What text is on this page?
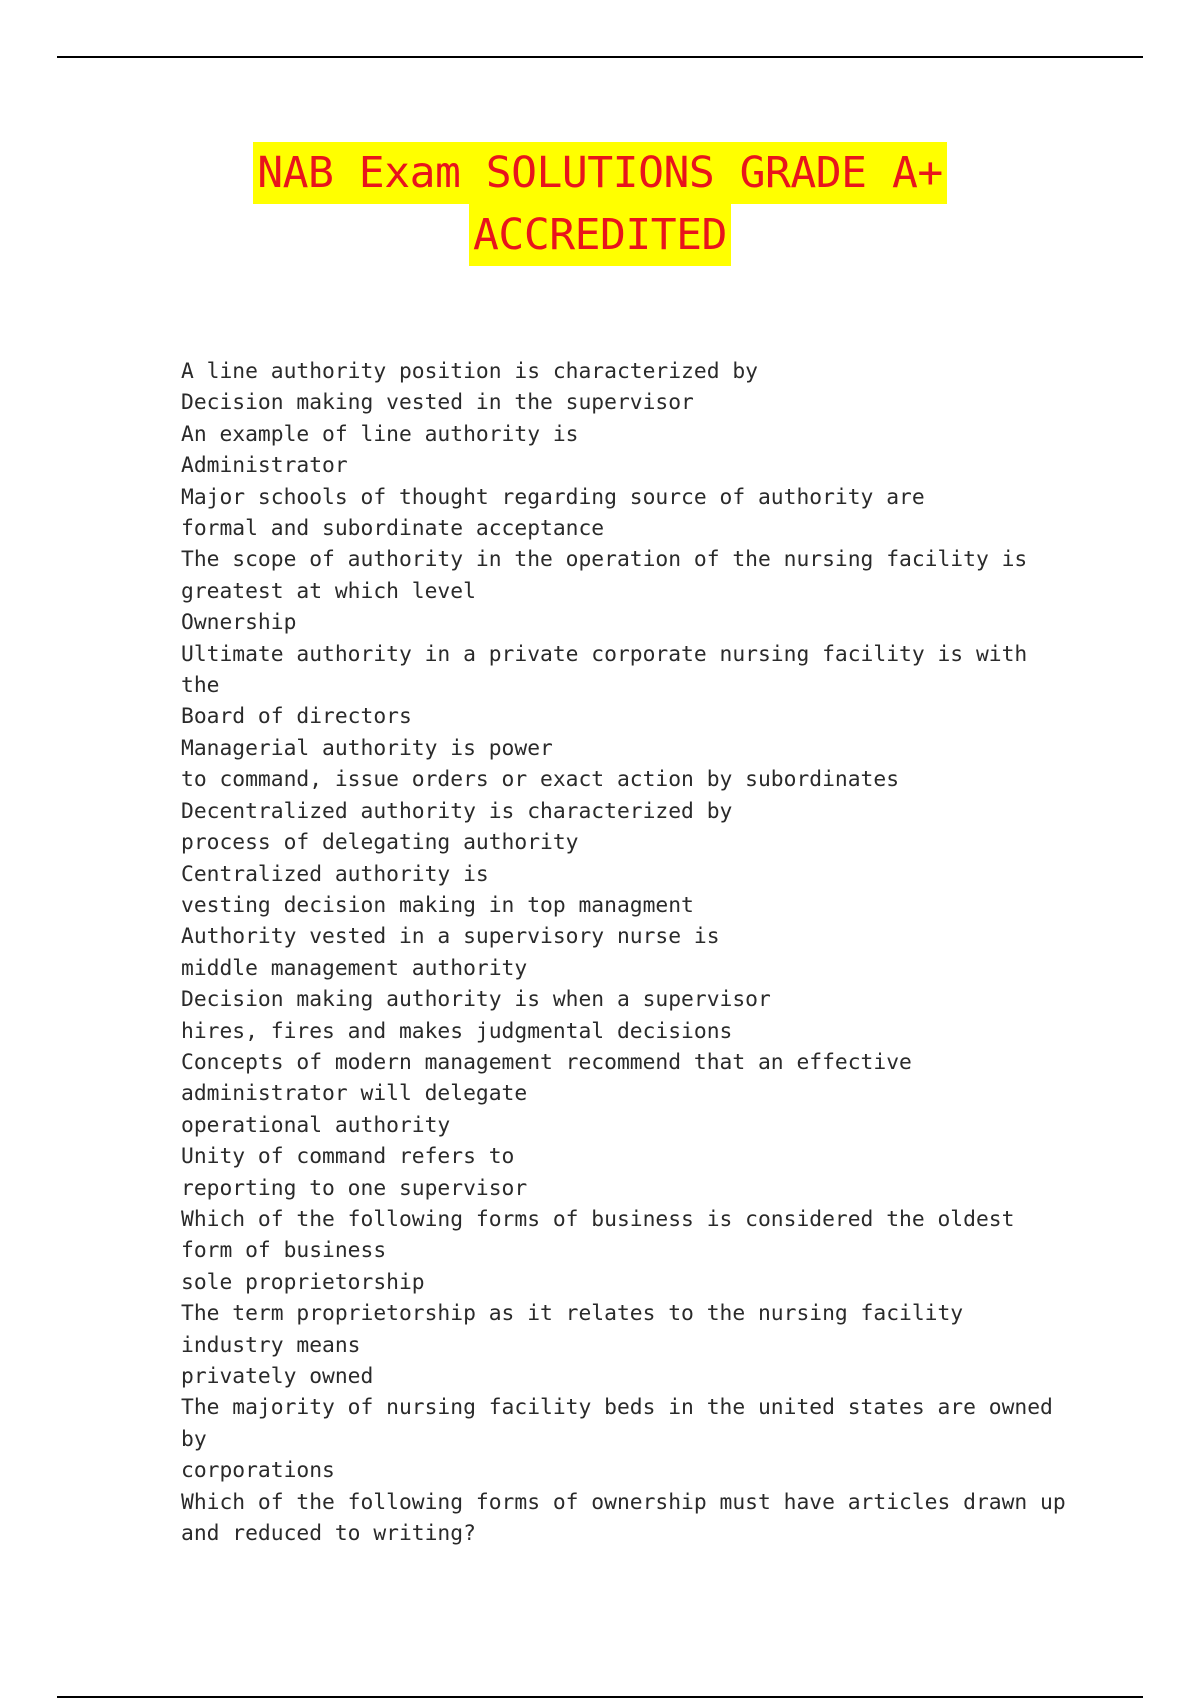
NAB Exam SOLUTIONS GRADE A+
ACCREDITED
A line authority position is characterized by
Decision making vested in the supervisor
An example of line authority is
Administrator
Major schools of thought regarding source of authority are
formal and subordinate acceptance
The scope of authority in the operation of the nursing facility is
greatest at which level
Ownership
Ultimate authority in a private corporate nursing facility is with
the
Board of directors
Managerial authority is power
to command, issue orders or exact action by subordinates
Decentralized authority is characterized by
process of delegating authority
Centralized authority is
vesting decision making in top managment
Authority vested in a supervisory nurse is
middle management authority
Decision making authority is when a supervisor
hires, fires and makes judgmental decisions
Concepts of modern management recommend that an effective
administrator will delegate
operational authority
Unity of command refers to
reporting to one supervisor
Which of the following forms of business is considered the oldest
form of business
sole proprietorship
The term proprietorship as it relates to the nursing facility
industry means
privately owned
The majority of nursing facility beds in the united states are owned
by
corporations
Which of the following forms of ownership must have articles drawn up
and reduced to writing?
